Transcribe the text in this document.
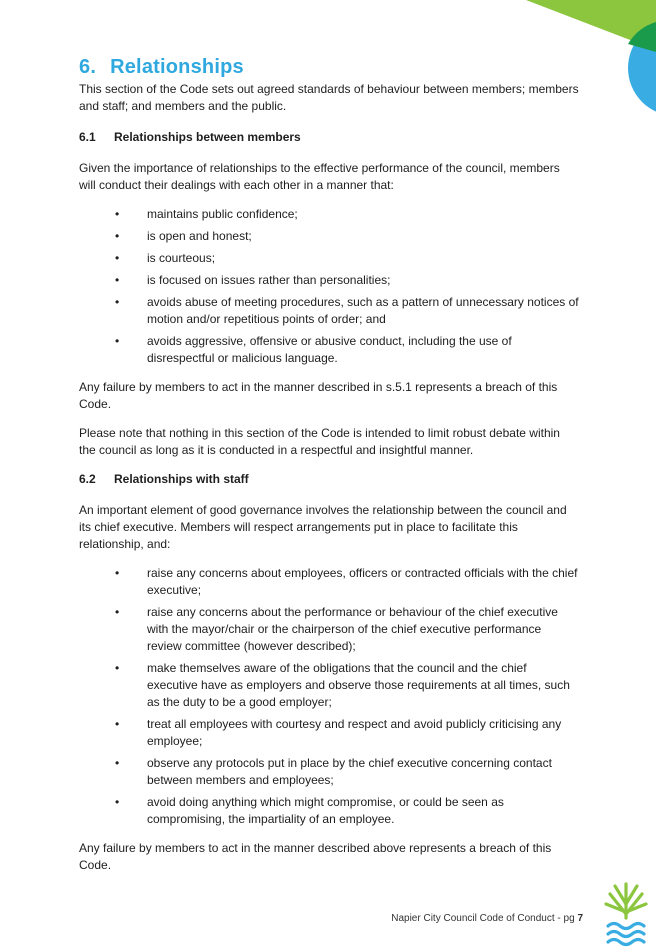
6. Relationships

This section of the Code sets out agreed standards of behaviour between members; members and staff; and members and the public.

6.1 Relationships between members

Given the importance of relationships to the effective performance of the council, members will conduct their dealings with each other in a manner that:

• maintains public confidence;
• is open and honest;
• is courteous;
• is focused on issues rather than personalities;
• avoids abuse of meeting procedures, such as a pattern of unnecessary notices of motion and/or repetitious points of order; and
• avoids aggressive, offensive or abusive conduct, including the use of disrespectful or malicious language.

Any failure by members to act in the manner described in s.5.1 represents a breach of this Code.

Please note that nothing in this section of the Code is intended to limit robust debate within the council as long as it is conducted in a respectful and insightful manner.

6.2 Relationships with staff

An important element of good governance involves the relationship between the council and its chief executive. Members will respect arrangements put in place to facilitate this relationship, and:

• raise any concerns about employees, officers or contracted officials with the chief executive;
• raise any concerns about the performance or behaviour of the chief executive with the mayor/chair or the chairperson of the chief executive performance review committee (however described);
• make themselves aware of the obligations that the council and the chief executive have as employers and observe those requirements at all times, such as the duty to be a good employer;
• treat all employees with courtesy and respect and avoid publicly criticising any employee;
• observe any protocols put in place by the chief executive concerning contact between members and employees;
• avoid doing anything which might compromise, or could be seen as compromising, the impartiality of an employee.

Any failure by members to act in the manner described above represents a breach of this Code.

Napier City Council Code of Conduct - pg 7
